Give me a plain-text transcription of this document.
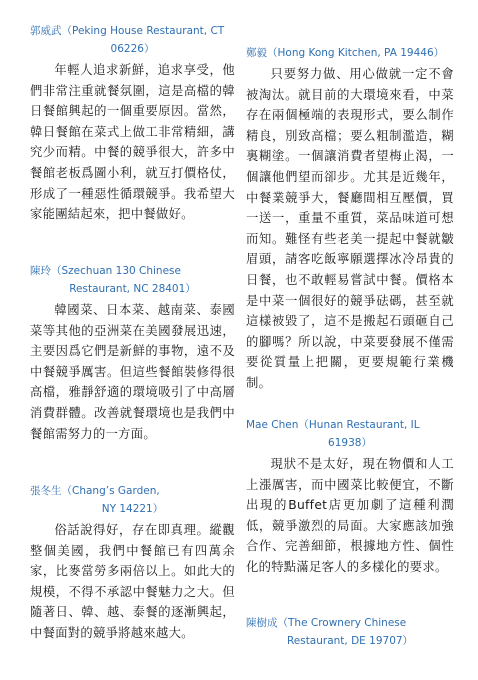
郭威武（Peking House Restaurant, CT
06226）
年輕人追求新鮮，追求享受，他們非常注重就餐氛圍，這是高檔的韓日餐館興起的一個重要原因。當然，韓日餐館在菜式上做工非常精細，講究少而精。中餐的競爭很大，許多中餐館老板爲圖小利，就互打價格仗，形成了一種惡性循環競爭。我希望大家能團結起來，把中餐做好。
陳玲（Szechuan 130 Chinese
Restaurant, NC 28401）
韓國菜、日本菜、越南菜、泰國菜等其他的亞洲菜在美國發展迅速，主要因爲它們是新鮮的事物，遠不及中餐競爭厲害。但這些餐館裝修得很高檔，雅靜舒適的環境吸引了中高層消費群體。改善就餐環境也是我們中餐館需努力的一方面。
張冬生（Chang’s Garden,
NY 14221）
俗話說得好，存在即真理。縱觀整個美國，我們中餐館已有四萬余家，比麥當勞多兩倍以上。如此大的規模，不得不承認中餐魅力之大。但隨著日、韓、越、泰餐的逐漸興起，中餐面對的競爭將越來越大。
鄭毅（Hong Kong Kitchen, PA 19446）
只要努力做、用心做就一定不會被淘汰。就目前的大環境來看，中菜存在兩個極端的表現形式，要么制作精良，別致高檔；要么粗制濫造，糊裏糊塗。一個讓消費者望梅止渴，一個讓他們望而卻步。尤其是近幾年，中餐業競爭大，餐廳間相互壓價，買一送一，重量不重質，菜品味道可想而知。難怪有些老美一提起中餐就皺眉頭，請客吃飯寧願選擇冰冷昂貴的日餐，也不敢輕易嘗試中餐。價格本是中菜一個很好的競爭砝碼，甚至就這樣被毀了，這不是搬起石頭砸自己的腳嗎？所以說，中菜要發展不僅需要從質量上把關，更要規範行業機制。
Mae Chen（Hunan Restaurant, IL
61938）
現狀不是太好，現在物價和人工上漲厲害，而中國菜比較便宜，不斷出現的Buffet店更加劇了這種利潤低，競爭激烈的局面。大家應該加強合作、完善細節，根據地方性、個性化的特點滿足客人的多樣化的要求。
陳樹成（The Crownery Chinese
Restaurant, DE 19707）
